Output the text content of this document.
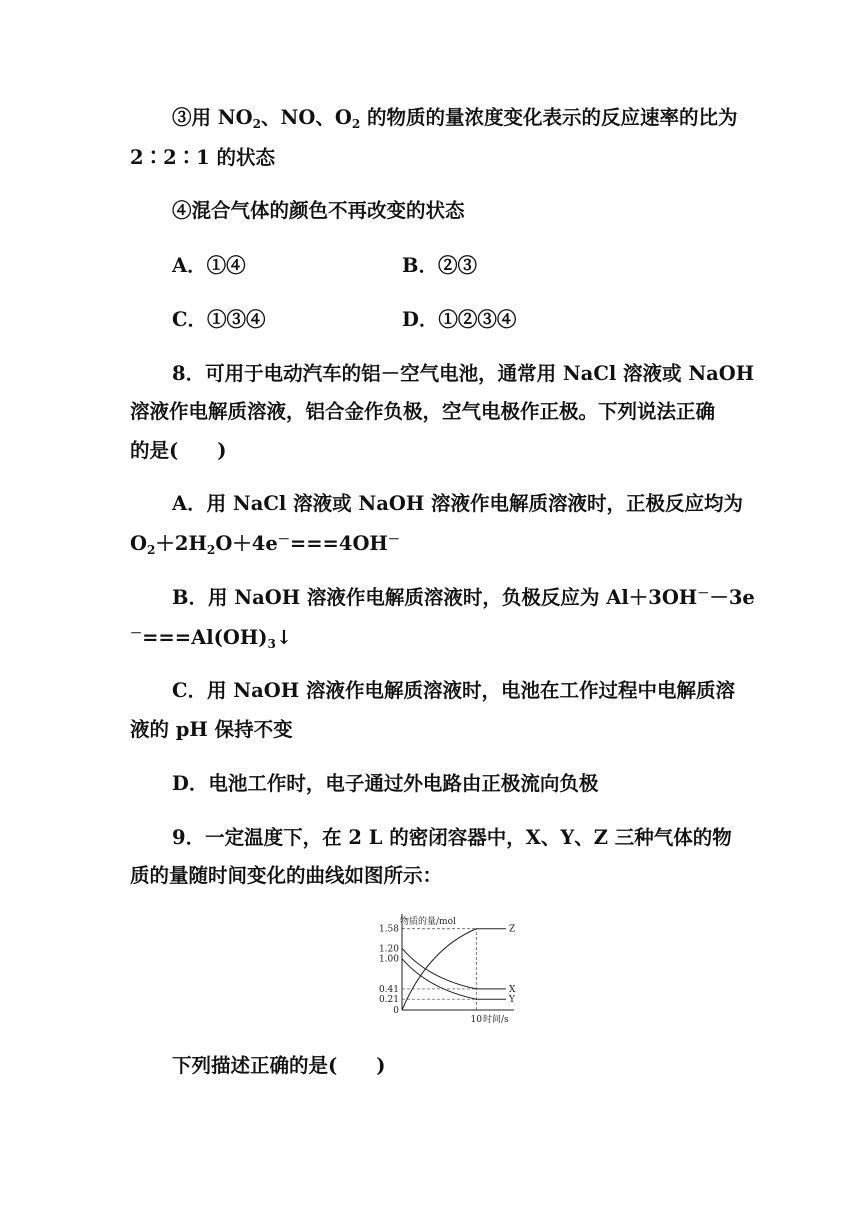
③用 $NO_2$、NO、$O_2$ 的物质的量浓度变化表示的反应速率的比为
2∶2∶1 的状态
④混合气体的颜色不再改变的状态
A．①④	B．②③
C．①③④	D．①②③④
8．可用于电动汽车的铝－空气电池，通常用 NaCl 溶液或 NaOH
溶液作电解质溶液，铝合金作负极，空气电极作正极。下列说法正确
的是(　　)
A．用 NaCl 溶液或 NaOH 溶液作电解质溶液时，正极反应均为
$O_2+2H_2O+4e^-===4OH^-$
B．用 NaOH 溶液作电解质溶液时，负极反应为 Al＋3OH－－3e
$^-===Al(OH)_3↓$
C．用 NaOH 溶液作电解质溶液时，电池在工作过程中电解质溶
液的 pH 保持不变
D．电池工作时，电子通过外电路由正极流向负极
9．一定温度下，在 2 L 的密闭容器中，X、Y、Z 三种气体的物
质的量随时间变化的曲线如图所示：
物质的量/mol
时间/s
1.58
1.20
1.00
0.41
0.21
0
10
Z
X
Y
下列描述正确的是(　　)
